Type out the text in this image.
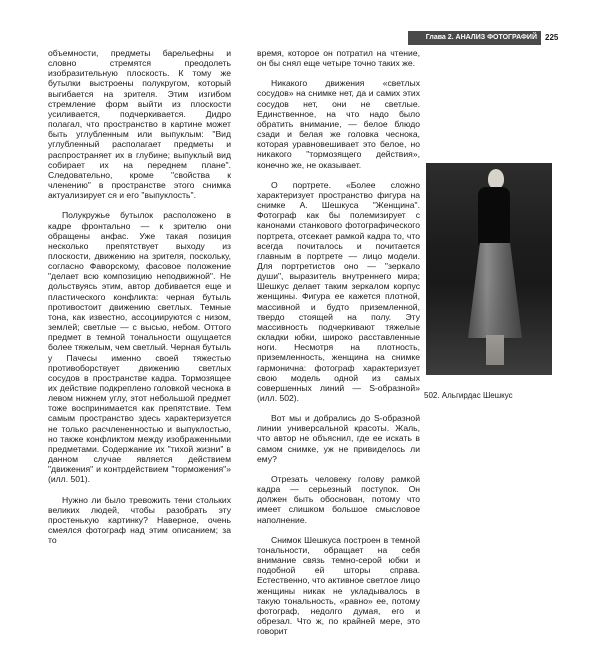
Глава 2. АНАЛИЗ ФОТОГРАФИЙ	225

объемности, предметы барельефны и словно стремятся преодолеть изобразительную плоскость. К тому же бутылки выстроены полукругом, который выгибается на зрителя. Этим изгибом стремление форм выйти из плоскости усиливается, подчеркивается. Дидро полагал, что пространство в картине может быть углубленным или выпуклым: "Вид углубленный располагает предметы и распространяет их в глубине; выпуклый вид собирает их на переднем плане". Следовательно, кроме "свойства к членению" в пространстве этого снимка актуализирует ся и его "выпуклость".

Полукружье бутылок расположено в кадре фронтально — к зрителю они обращены анфас. Уже такая позиция несколько препятствует выходу из плоскости, движению на зрителя, поскольку, согласно Фаворскому, фасовое положение "делает всю композицию неподвижной". Не дольствуясь этим, автор добивается еще и пластического конфликта: черная бутыль противостоит движению светлых. Темные тона, как известно, ассоциируются с низом, землей; светлые — с высью, небом. Оттого предмет в темной тональности ощущается более тяжелым, чем светлый. Черная бутыль у Пачесы именно своей тяжестью противоборствует движению светлых сосудов в пространстве кадра. Тормозящее их действие подкреплено головкой чеснока в левом нижнем углу, этот небольшой предмет тоже воспринимается как препятствие. Тем самым пространство здесь характеризуется не только расчлененностью и выпуклостью, но также конфликтом между изображенными предметами. Содержание их "тихой жизни" в данном случае является действием "движения" и контрдействием "торможения"» (илл. 501).

Нужно ли было тревожить тени стольких великих людей, чтобы разобрать эту простенькую картинку? Наверное, очень смеялся фотограф над этим описанием; за то

время, которое он потратил на чтение, он бы снял еще четыре точно таких же.

Никакого движения «светлых сосудов» на снимке нет, да и самих этих сосудов нет, они не светлые. Единственное, на что надо было обратить внимание, — белое блюдо сзади и белая же головка чеснока, которая уравновешивает это белое, но никакого "тормозящего действия», конечно же, не оказывает.

О портрете. «Более сложно характеризует пространство фигура на снимке А. Шешкуса "Женщина". Фотограф как бы полемизирует с канонами станкового фотографического портрета, отсекает рамкой кадра то, что всегда почиталось и почитается главным в портрете — лицо модели. Для портретистов оно — "зеркало души", выразитель внутреннего мира; Шешкус делает таким зеркалом корпус женщины. Фигура ее кажется плотной, массивной и будто приземленной, твердо стоящей на полу. Эту массивность подчеркивают тяжелые складки юбки, широко расставленные ноги. Несмотря на плотность, приземленность, женщина на снимке гармонична: фотограф характеризует свою модель одной из самых совершенных линий — S-образной» (илл. 502).

Вот мы и добрались до S-образной линии универсальной красоты. Жаль, что автор не объяснил, где ее искать в самом снимке, уж не привиделось ли ему?

Отрезать человеку голову рамкой кадра — серьезный поступок. Он должен быть обоснован, потому что имеет слишком большое смысловое наполнение.

Снимок Шешкуса построен в темной тональности, обращает на себя внимание связь темно-серой юбки и подобной ей шторы справа. Естественно, что активное светлое лицо женщины никак не укладывалось в такую тональность, «равно» ее, потому фотограф, недолго думая, его и обрезал. Что ж, по крайней мере, это говорит

502. Альгирдас Шешкус
